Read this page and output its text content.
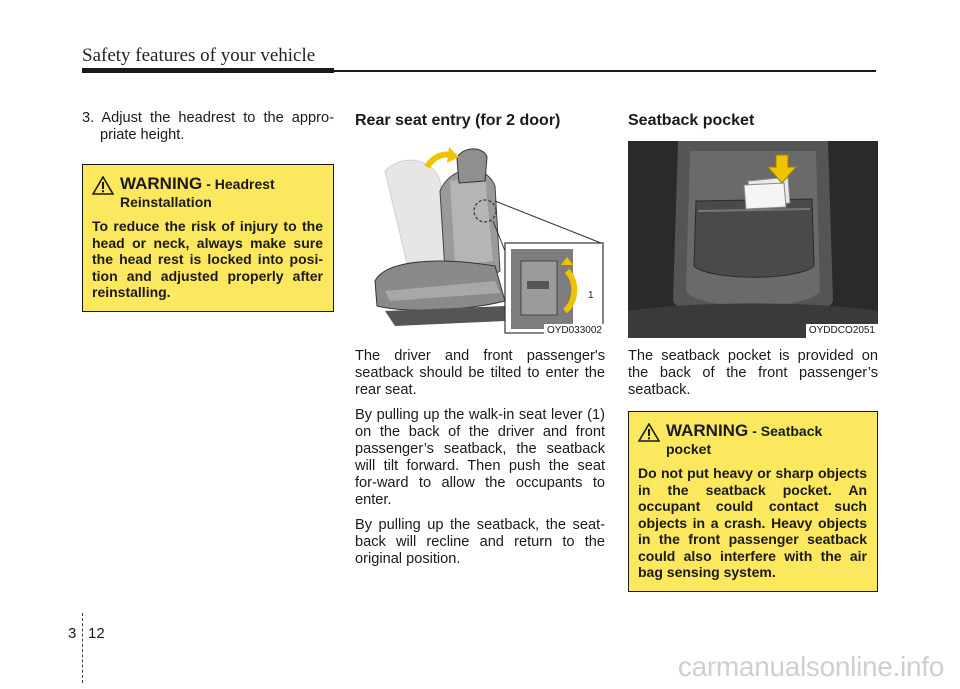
Safety features of your vehicle
3. Adjust the headrest to the appro-priate height.
WARNING - Headrest Reinstallation
To reduce the risk of injury to the head or neck, always make sure the head rest is locked into posi-tion and adjusted properly after reinstalling.
Rear seat entry (for 2 door)
1
OYD033002
The driver and front passenger's seatback should be tilted to enter the rear seat.
By pulling up the walk-in seat lever (1) on the back of the driver and front passenger’s seatback, the seatback will tilt forward. Then push the seat for-ward to allow the occupants to enter.
By pulling up the seatback, the seat-back will recline and return to the original position.
Seatback pocket
OYDDCO2051
The seatback pocket is provided on the back of the front passenger’s seatback.
WARNING - Seatback pocket
Do not put heavy or sharp objects in the seatback pocket. An occupant could contact such objects in a crash. Heavy objects in the front passenger seatback could also interfere with the air bag sensing system.
3 12
carmanualsonline.info
